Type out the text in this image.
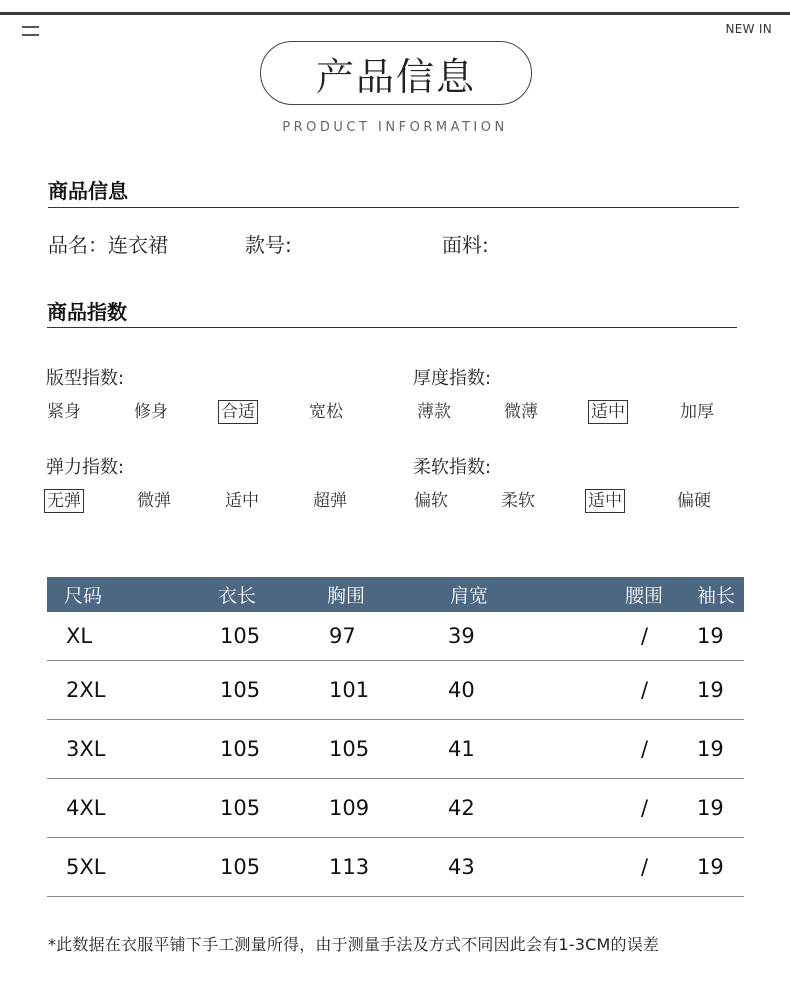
NEW IN
产品信息
PRODUCT INFORMATION
商品信息
品名：连衣裙	款号:	面料:
商品指数
版型指数:
紧身	修身	合适	宽松
厚度指数:
薄款	微薄	适中	加厚
弹力指数:
无弹	微弹	适中	超弹
柔软指数:
偏软	柔软	适中	偏硬
尺码	衣长	胸围	肩宽	腰围	袖长
XL	105	97	39	/	19
2XL	105	101	40	/	19
3XL	105	105	41	/	19
4XL	105	109	42	/	19
5XL	105	113	43	/	19
*此数据在衣服平铺下手工测量所得，由于测量手法及方式不同因此会有1-3CM的误差
